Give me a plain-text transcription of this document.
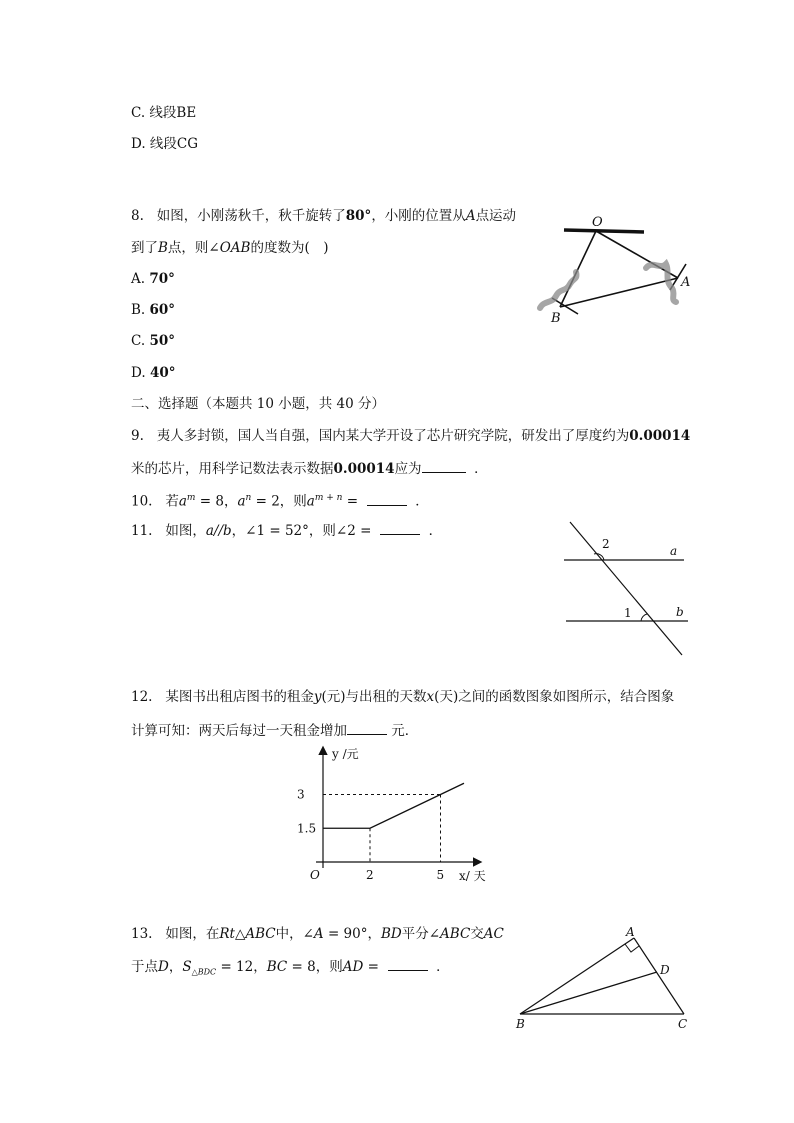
C. 线段BE
D. 线段CG
8. 如图，小刚荡秋千，秋千旋转了80°，小刚的位置从A点运动
到了B点，则∠OAB的度数为(　)
A. 70°
B. 60°
C. 50°
D. 40°
O
A
B
二、选择题（本题共 10 小题，共 40 分）
9. 夷人多封锁，国人当自强，国内某大学开设了芯片研究学院，研发出了厚度约为0.00014
米的芯片，用科学记数法表示数据0.00014应为	．
10. 若$a^m = 8$，$a^n = 2$，则$a^{m + n}$ =	．
11. 如图，a//b，∠1 = 52°，则∠2 =	．
2
1
a
b
12. 某图书出租店图书的租金y(元)与出租的天数x(天)之间的函数图象如图所示，结合图象
计算可知：两天后每过一天租金增加	元．
2	5
1.5
3
y /元
x/ 天
O
13. 如图，在Rt△ABC中，∠A = 90°，BD平分∠ABC交AC
于点D，$S_{\triangle BDC} = 12$，BC = 8，则AD =	．
A
B	C
D
